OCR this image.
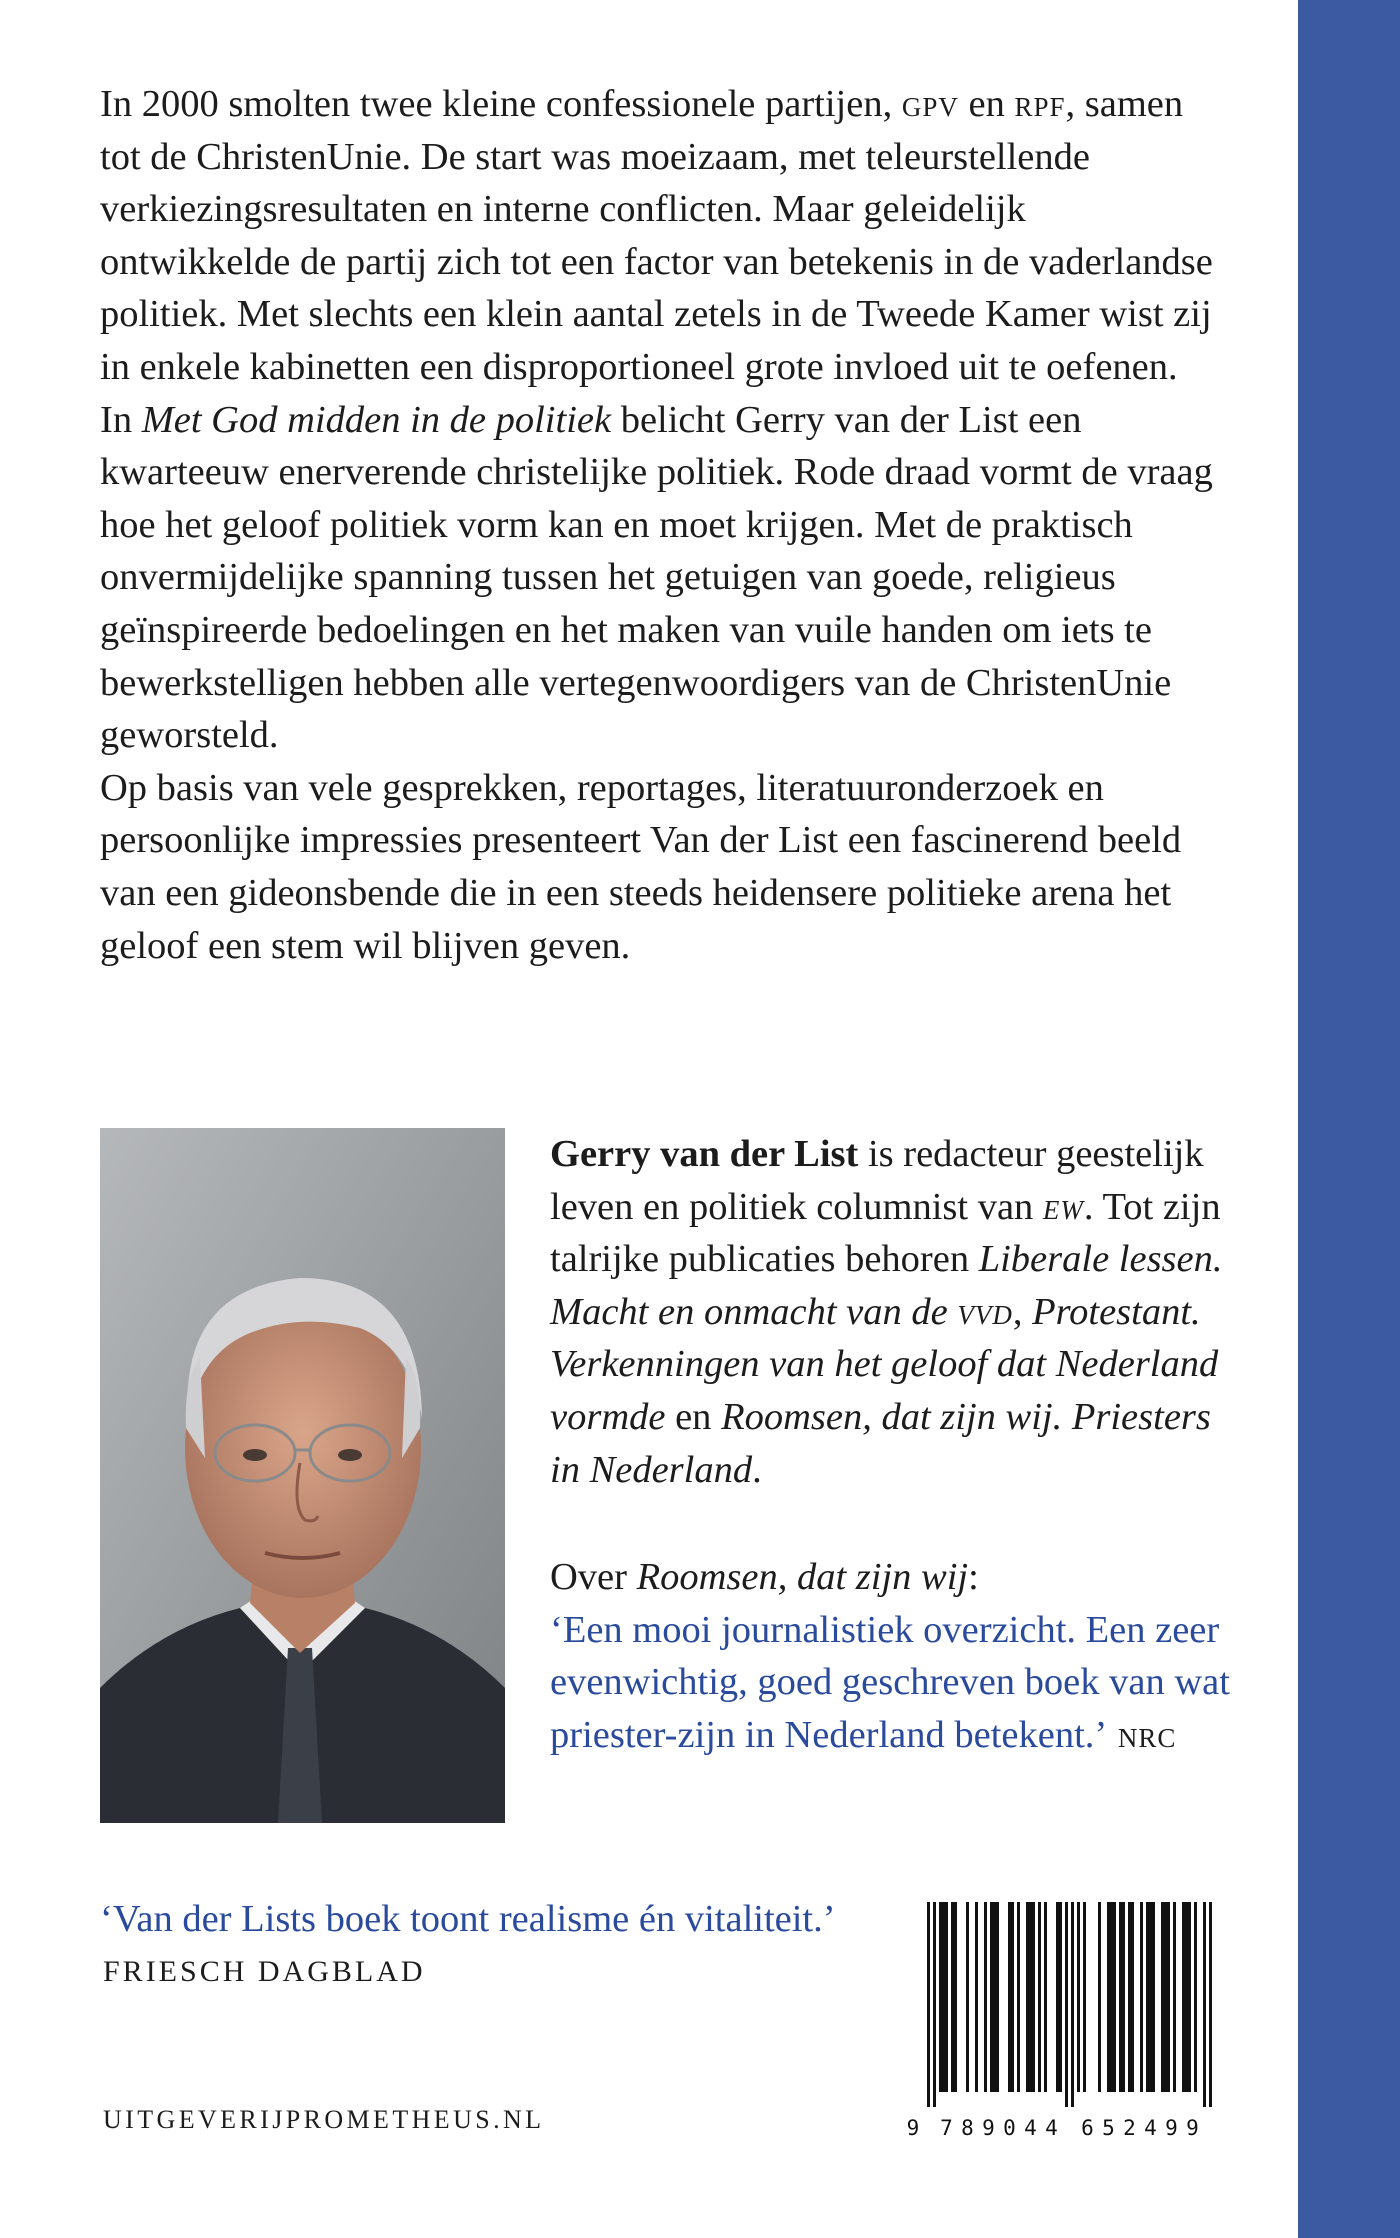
In 2000 smolten twee kleine confessionele partijen, gpv en rpf, samen tot de ChristenUnie. De start was moeizaam, met teleurstellende verkiezingsresultaten en interne conflicten. Maar geleidelijk ontwikkelde de partij zich tot een factor van betekenis in de vaderlandse politiek. Met slechts een klein aantal zetels in de Tweede Kamer wist zij in enkele kabinetten een disproportioneel grote invloed uit te oefenen.

In Met God midden in de politiek belicht Gerry van der List een kwarteeuw enerverende christelijke politiek. Rode draad vormt de vraag hoe het geloof politiek vorm kan en moet krijgen. Met de praktisch onvermijdelijke spanning tussen het getuigen van goede, religieus geïnspireerde bedoelingen en het maken van vuile handen om iets te bewerkstelligen hebben alle vertegenwoordigers van de ChristenUnie geworsteld.

Op basis van vele gesprekken, reportages, literatuuronderzoek en persoonlijke impressies presenteert Van der List een fascinerend beeld van een gideonsbende die in een steeds heidensere politieke arena het geloof een stem wil blijven geven.

Gerry van der List is redacteur geestelijk leven en politiek columnist van ew. Tot zijn talrijke publicaties behoren Liberale lessen. Macht en onmacht van de vvd, Protestant. Verkenningen van het geloof dat Nederland vormde en Roomsen, dat zijn wij. Priesters in Nederland.

Over Roomsen, dat zijn wij:

‘Een mooi journalistiek overzicht. Een zeer evenwichtig, goed geschreven boek van wat priester-zijn in Nederland betekent.’ nrc

‘Van der Lists boek toont realisme én vitaliteit.’
FRIESCH DAGBLAD
UITGEVERIJPROMETHEUS.NL	9 7 8 9 0 4 4 6 5 2 4 9 9
